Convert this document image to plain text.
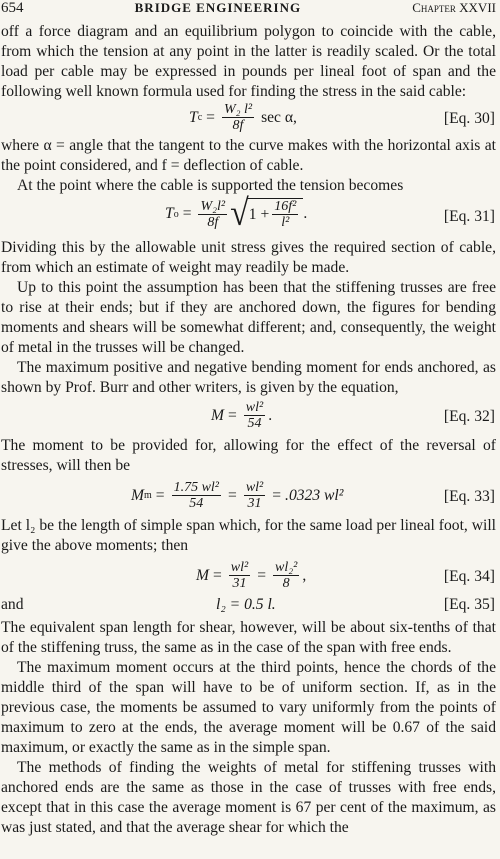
654	BRIDGE ENGINEERING	Chapter XXVII

off a force diagram and an equilibrium polygon to coincide with the cable, from which the tension at any point in the latter is readily scaled. Or the total load per cable may be expressed in pounds per lineal foot of span and the following well known formula used for finding the stress in the said cable:

T $c = \frac{\text{W₂ l²}}{8f}$ sec α,	[Eq. 30]

where α = angle that the tangent to the curve makes with the horizontal axis at the point considered, and f = deflection of cable.

At the point where the cable is supported the tension becomes

T $o = \frac{\text{W₂l²}}{8f}$ √ $1 + \frac{\text{16f²}}{\text{l²}}$ .	[Eq. 31]

Dividing this by the allowable unit stress gives the required section of cable, from which an estimate of weight may readily be made.

Up to this point the assumption has been that the stiffening trusses are free to rise at their ends; but if they are anchored down, the figures for bending moments and shears will be somewhat different; and, consequently, the weight of metal in the trusses will be changed.

The maximum positive and negative bending moment for ends anchored, as shown by Prof. Burr and other writers, is given by the equation,

$M = \frac{\text{wl²}}{54}$ .	[Eq. 32]

The moment to be provided for, allowing for the effect of the reversal of stresses, will then be

M $m = \frac{\text{1.75 wl²}}{54} = \frac{\text{wl²}}{31} = .0323$ wl²	[Eq. 33]

Let l₂ be the length of simple span which, for the same load per lineal foot, will give the above moments; then

$M = \frac{\text{wl²}}{31} = \frac{\text{wl₂²}}{8}$ ,	[Eq. 34]
and	l₂ = 0.5 l.	[Eq. 35]

The equivalent span length for shear, however, will be about six-tenths of that of the stiffening truss, the same as in the case of the span with free ends.

The maximum moment occurs at the third points, hence the chords of the middle third of the span will have to be of uniform section. If, as in the previous case, the moments be assumed to vary uniformly from the points of maximum to zero at the ends, the average moment will be 0.67 of the said maximum, or exactly the same as in the simple span.

The methods of finding the weights of metal for stiffening trusses with anchored ends are the same as those in the case of trusses with free ends, except that in this case the average moment is 67 per cent of the maximum, as was just stated, and that the average shear for which the
